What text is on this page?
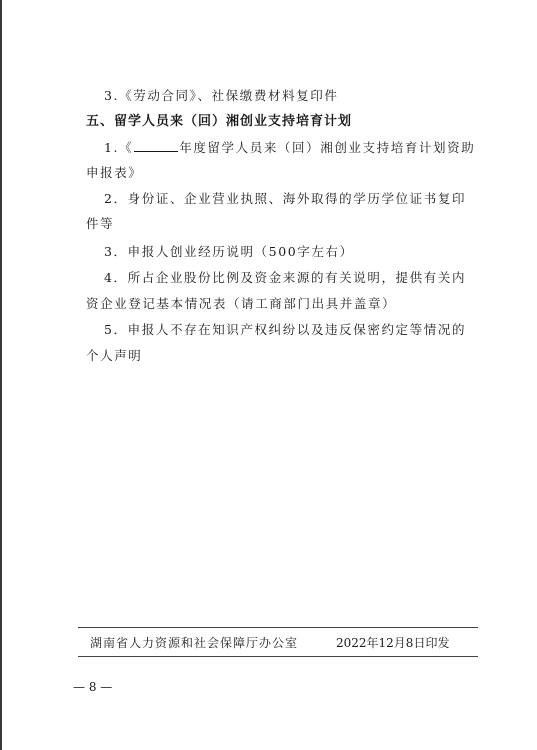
3.《劳动合同》、社保缴费材料复印件
五、留学人员来（回）湘创业支持培育计划
1.《	年度留学人员来（回）湘创业支持培育计划资助
申报表》
2．身份证、企业营业执照、海外取得的学历学位证书复印
件等
3．申报人创业经历说明（500字左右）
4．所占企业股份比例及资金来源的有关说明，提供有关内
资企业登记基本情况表（请工商部门出具并盖章）
5．申报人不存在知识产权纠纷以及违反保密约定等情况的
个人声明
湖南省人力资源和社会保障厅办公室	2022年12月8日印发
— 8 —
